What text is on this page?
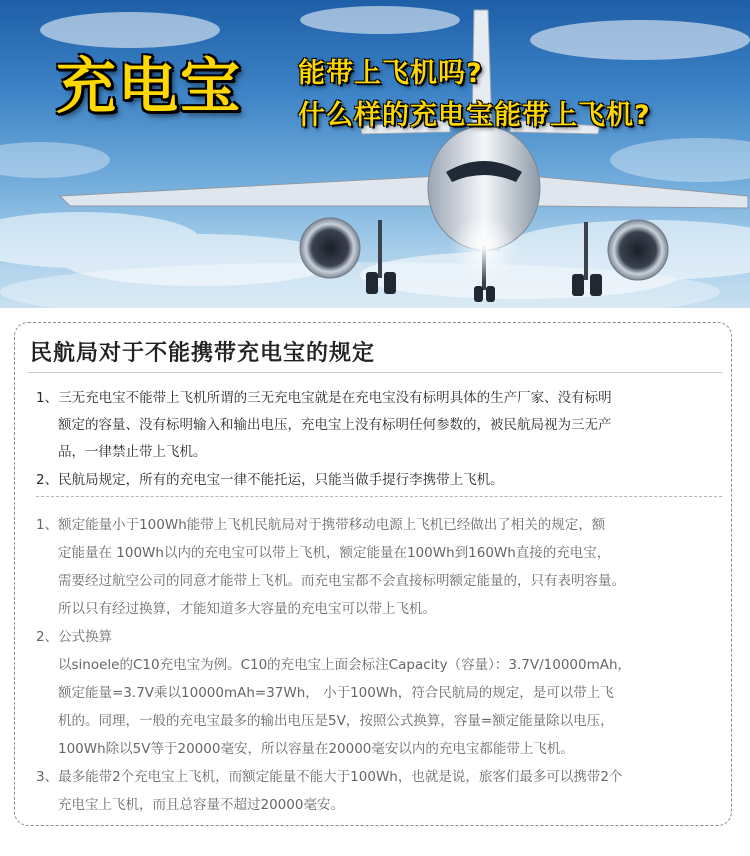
充电宝 能带上飞机吗?
什么样的充电宝能带上飞机?
民航局对于不能携带充电宝的规定
1、三无充电宝不能带上飞机所谓的三无充电宝就是在充电宝没有标明具体的生产厂家、没有标明
额定的容量、没有标明输入和输出电压，充电宝上没有标明任何参数的，被民航局视为三无产
品，一律禁止带上飞机。
2、民航局规定，所有的充电宝一律不能托运，只能当做手提行李携带上飞机。
1、额定能量小于100Wh能带上飞机民航局对于携带移动电源上飞机已经做出了相关的规定，额
定能量在 100Wh以内的充电宝可以带上飞机，额定能量在100Wh到160Wh直接的充电宝，
需要经过航空公司的同意才能带上飞机。而充电宝都不会直接标明额定能量的，只有表明容量。
所以只有经过换算，才能知道多大容量的充电宝可以带上飞机。
2、公式换算
以sinoele的C10充电宝为例。C10的充电宝上面会标注Capacity（容量）：3.7V/10000mAh，
额定能量=3.7V乘以10000mAh=37Wh， 小于100Wh，符合民航局的规定，是可以带上飞
机的。同理，一般的充电宝最多的输出电压是5V，按照公式换算，容量=额定能量除以电压，
100Wh除以5V等于20000毫安，所以容量在20000毫安以内的充电宝都能带上飞机。
3、最多能带2个充电宝上飞机，而额定能量不能大于100Wh，也就是说，旅客们最多可以携带2个
充电宝上飞机，而且总容量不超过20000毫安。
